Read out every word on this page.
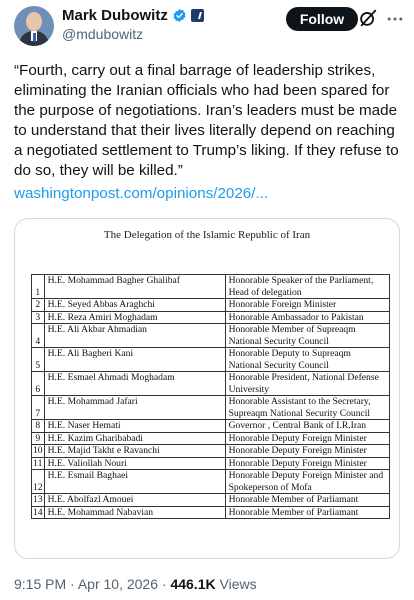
Mark Dubowitz
@mdubowitz
Follow
“Fourth, carry out a final barrage of leadership strikes, eliminating the Iranian officials who had been spared for the purpose of negotiations. Iran’s leaders must be made to understand that their lives literally depend on reaching a negotiated settlement to Trump’s liking. If they refuse to do so, they will be killed.”
washingtonpost.com/opinions/2026/...
The Delegation of the Islamic Republic of Iran
1	H.E. Mohammad Bagher Ghalibaf	Honorable Speaker of the Parliament, Head of delegation
2	H.E. Seyed Abbas Araghchi	Honorable Foreign Minister
3	H.E. Reza Amiri Moghadam	Honorable Ambassador to Pakistan
4	H.E. Ali Akbar Ahmadian	Honorable Member of Supreaqm National Security Council
5	H.E. Ali Bagheri Kani	Honorable Deputy to Supreaqm National Security Council
6	H.E. Esmael Ahmadi Moghadam	Honorable President, National Defense University
7	H.E. Mohammad Jafari	Honorable Assistant to the Secretary, Supreaqm National Security Council
8	H.E. Naser Hemati	Governor , Central Bank of I.R.Iran
9	H.E. Kazim Gharibabadi	Honorable Deputy Foreign Minister
10	H.E. Majid Takht e Ravanchi	Honorable Deputy Foreign Minister
11	H.E. Valiollah Nouri	Honorable Deputy Foreign Minister
12	H.E. Esmail Baghaei	Honorable Deputy Foreign Minister and Spokeperson of Mofa
13	H.E. Abolfazl Amouei	Honorable Member of Parliamant
14	H.E. Mohammad Nabavian	Honorable Member of Parliamant
9:15 PM · Apr 10, 2026 · 446.1K Views
